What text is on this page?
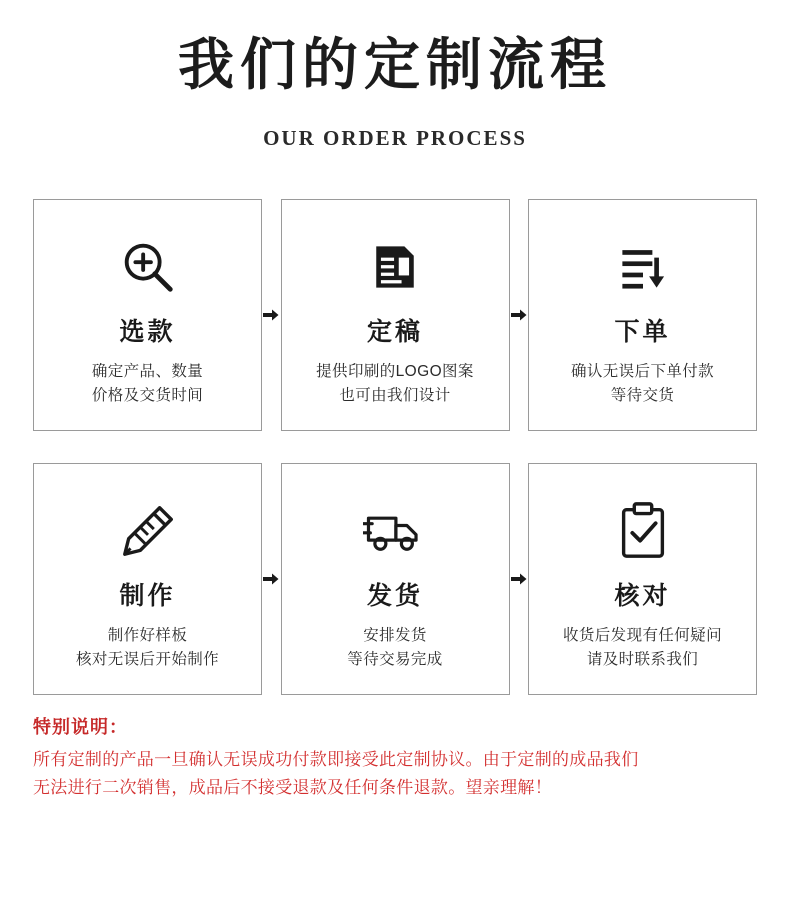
我们的定制流程
OUR ORDER PROCESS
选款
确定产品、数量
价格及交货时间
定稿
提供印刷的LOGO图案
也可由我们设计
下单
确认无误后下单付款
等待交货
制作
制作好样板
核对无误后开始制作
发货
安排发货
等待交易完成
核对
收货后发现有任何疑问
请及时联系我们
特别说明：
所有定制的产品一旦确认无误成功付款即接受此定制协议。由于定制的成品我们
无法进行二次销售，成品后不接受退款及任何条件退款。望亲理解！
